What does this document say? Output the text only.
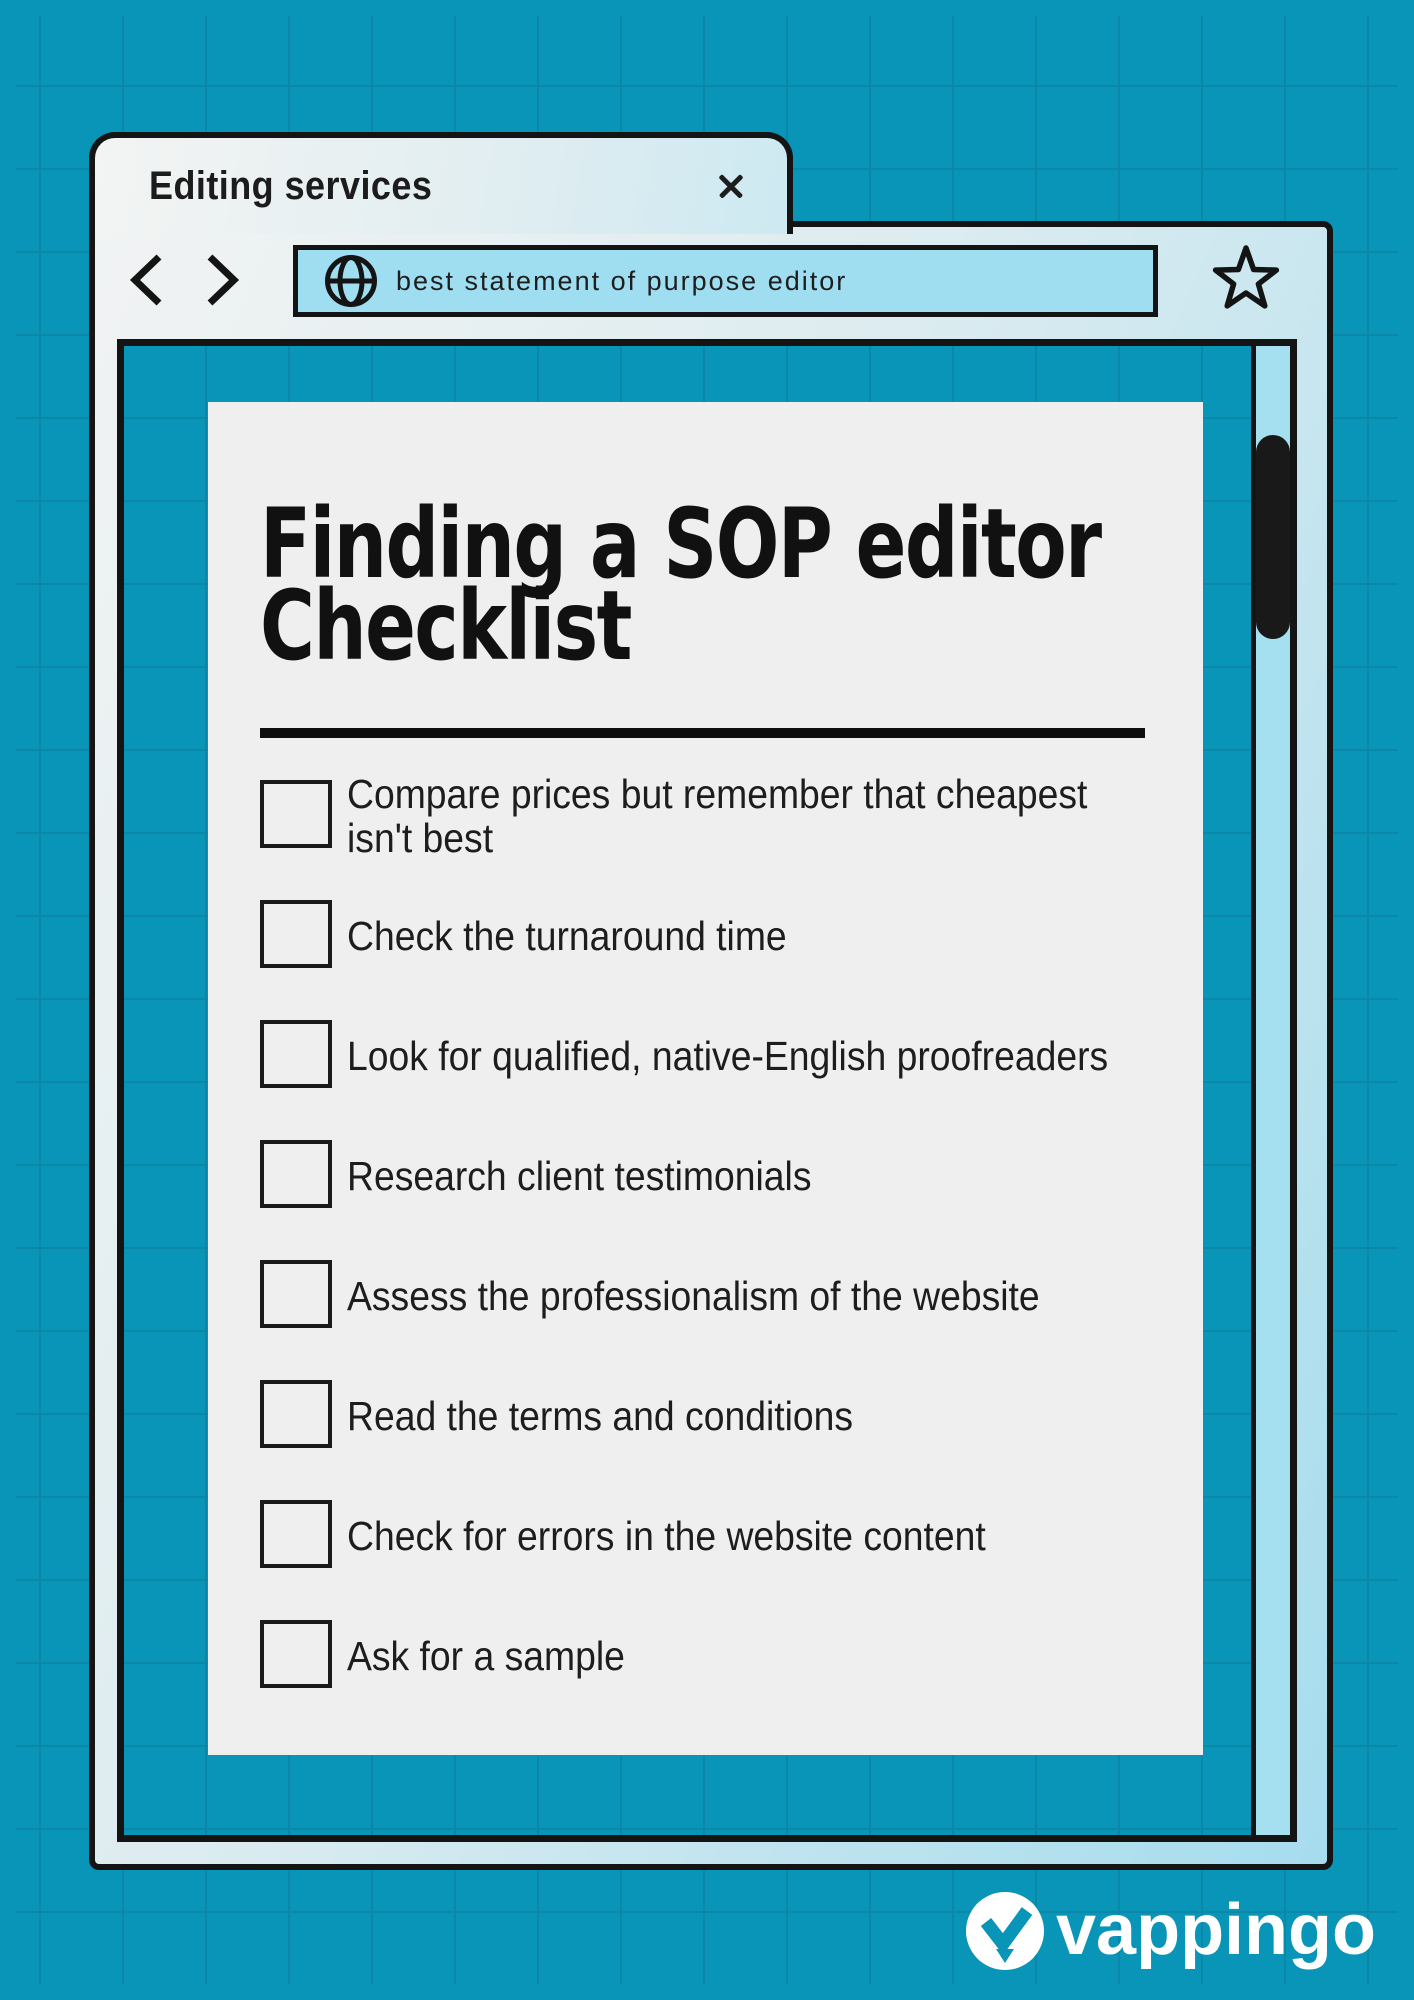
Editing services
best statement of purpose editor
Finding a SOP editor
Checklist
Compare prices but remember that cheapest
isn't best
Check the turnaround time
Look for qualified, native-English proofreaders
Research client testimonials
Assess the professionalism of the website
Read the terms and conditions
Check for errors in the website content
Ask for a sample
vappingo
